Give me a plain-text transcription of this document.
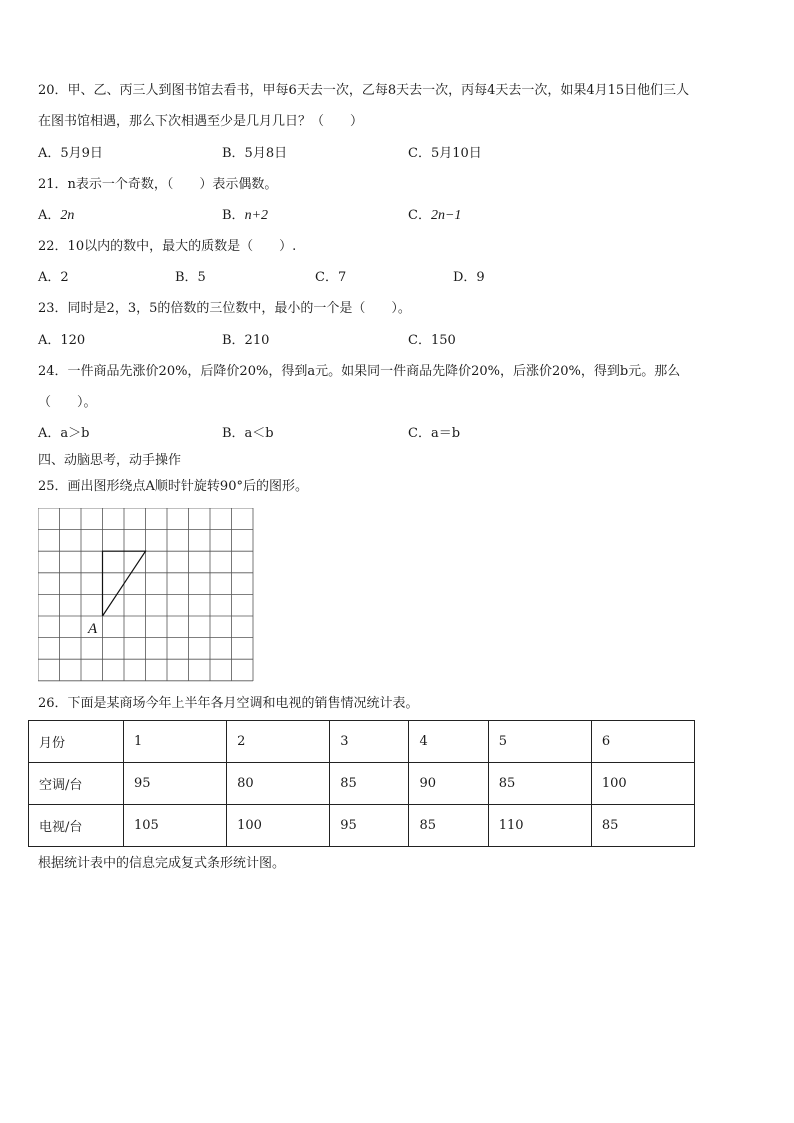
20．甲、乙、丙三人到图书馆去看书，甲每6天去一次，乙每8天去一次，丙每4天去一次，如果4月15日他们三人
在图书馆相遇，那么下次相遇至少是几月几日？（　　）
A．5月9日	B．5月8日	C．5月10日
21．n表示一个奇数，（　　）表示偶数。
A．2n	B．n+2	C．2n−1
22．10以内的数中，最大的质数是（　　）.
A．2	B．5	C．7	D．9
23．同时是2，3，5的倍数的三位数中，最小的一个是（　　）。
A．120	B．210	C．150
24．一件商品先涨价20%，后降价20%，得到a元。如果同一件商品先降价20%，后涨价20%，得到b元。那么
（　　）。
A．a＞b	B．a＜b	C．a＝b
四、动脑思考，动手操作
25．画出图形绕点A顺时针旋转90°后的图形。
A
26．下面是某商场今年上半年各月空调和电视的销售情况统计表。
月份	1	2	3	4	5	6
空调/台	95	80	85	90	85	100
电视/台	105	100	95	85	110	85
根据统计表中的信息完成复式条形统计图。
